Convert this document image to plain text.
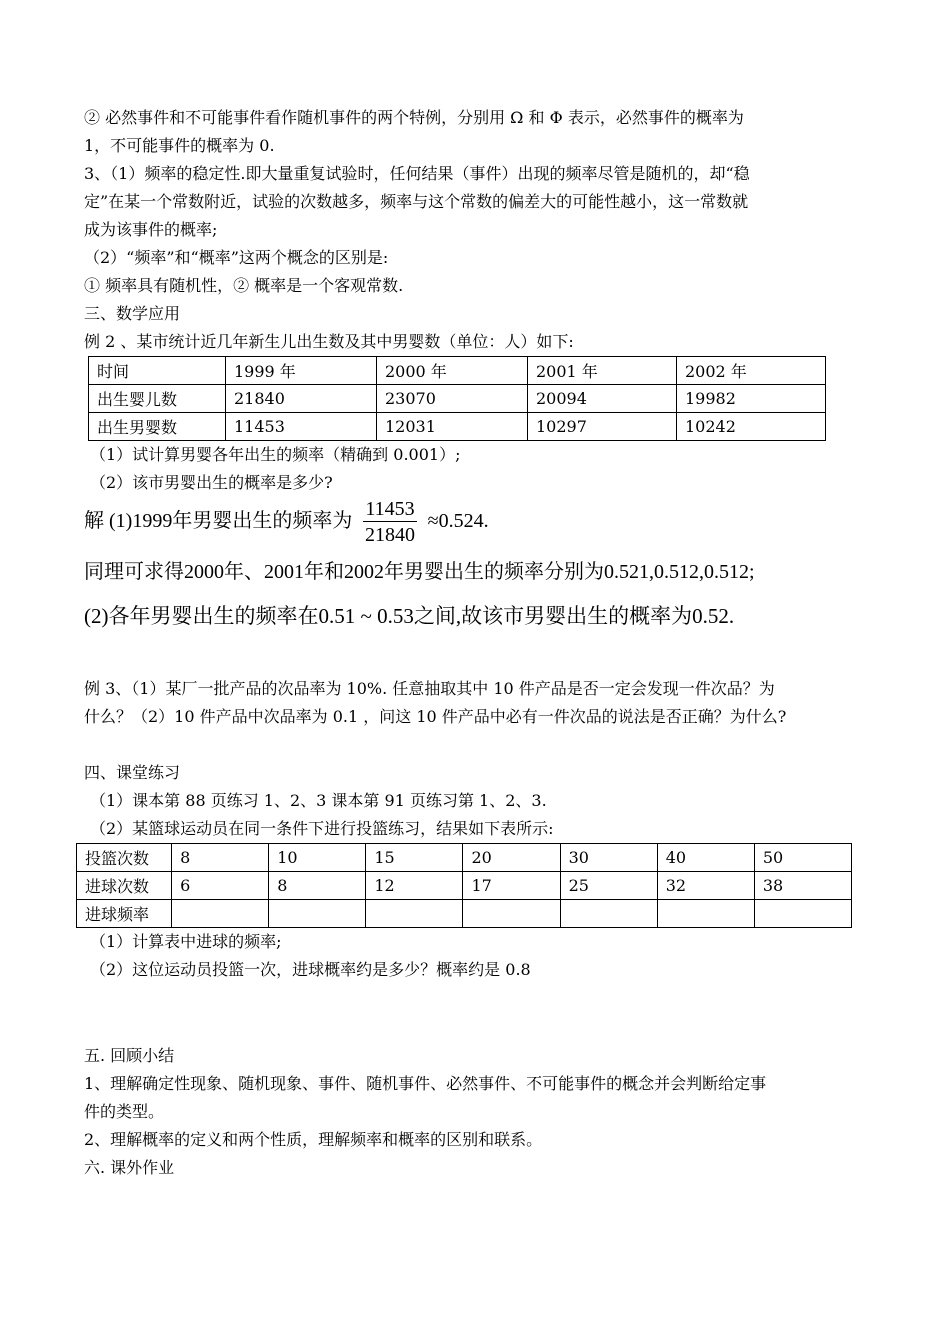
② 必然事件和不可能事件看作随机事件的两个特例，分别用 Ω 和 Φ 表示，必然事件的概率为
1，不可能事件的概率为 0.
3、（1）频率的稳定性.即大量重复试验时，任何结果（事件）出现的频率尽管是随机的，却“稳
定”在某一个常数附近，试验的次数越多，频率与这个常数的偏差大的可能性越小，这一常数就
成为该事件的概率;
（2）“频率”和“概率”这两个概念的区别是:
① 频率具有随机性，② 概率是一个客观常数.
三、数学应用
例 2 、某市统计近几年新生儿出生数及其中男婴数（单位：人）如下:
时间	1999 年	2000 年	2001 年	2002 年
出生婴儿数	21840	23070	20094	19982
出生男婴数	11453	12031	10297	10242
（1）试计算男婴各年出生的频率（精确到 0.001）;
（2）该市男婴出生的概率是多少?
解 (1)1999年男婴出生的频率为 $\frac{11453}{21840} \approx 0.524$.
同理可求得2000年、2001年和2002年男婴出生的频率分别为0.521,0.512,0.512;
(2)各年男婴出生的频率在0.51 ~ 0.53之间,故该市男婴出生的概率为0.52.
例 3、（1）某厂一批产品的次品率为 10%. 任意抽取其中 10 件产品是否一定会发现一件次品？为
什么？（2）10 件产品中次品率为 0.1 ，问这 10 件产品中必有一件次品的说法是否正确？为什么?
四、课堂练习
（1）课本第 88 页练习 1、2、3 课本第 91 页练习第 1、2、3.
（2）某篮球运动员在同一条件下进行投篮练习，结果如下表所示:
投篮次数	8	10	15	20	30	40	50
进球次数	6	8	12	17	25	32	38
进球频率							
（1）计算表中进球的频率;
（2）这位运动员投篮一次，进球概率约是多少？概率约是 0.8
五. 回顾小结
1、理解确定性现象、随机现象、事件、随机事件、必然事件、不可能事件的概念并会判断给定事
件的类型。
2、理解概率的定义和两个性质，理解频率和概率的区别和联系。
六. 课外作业
